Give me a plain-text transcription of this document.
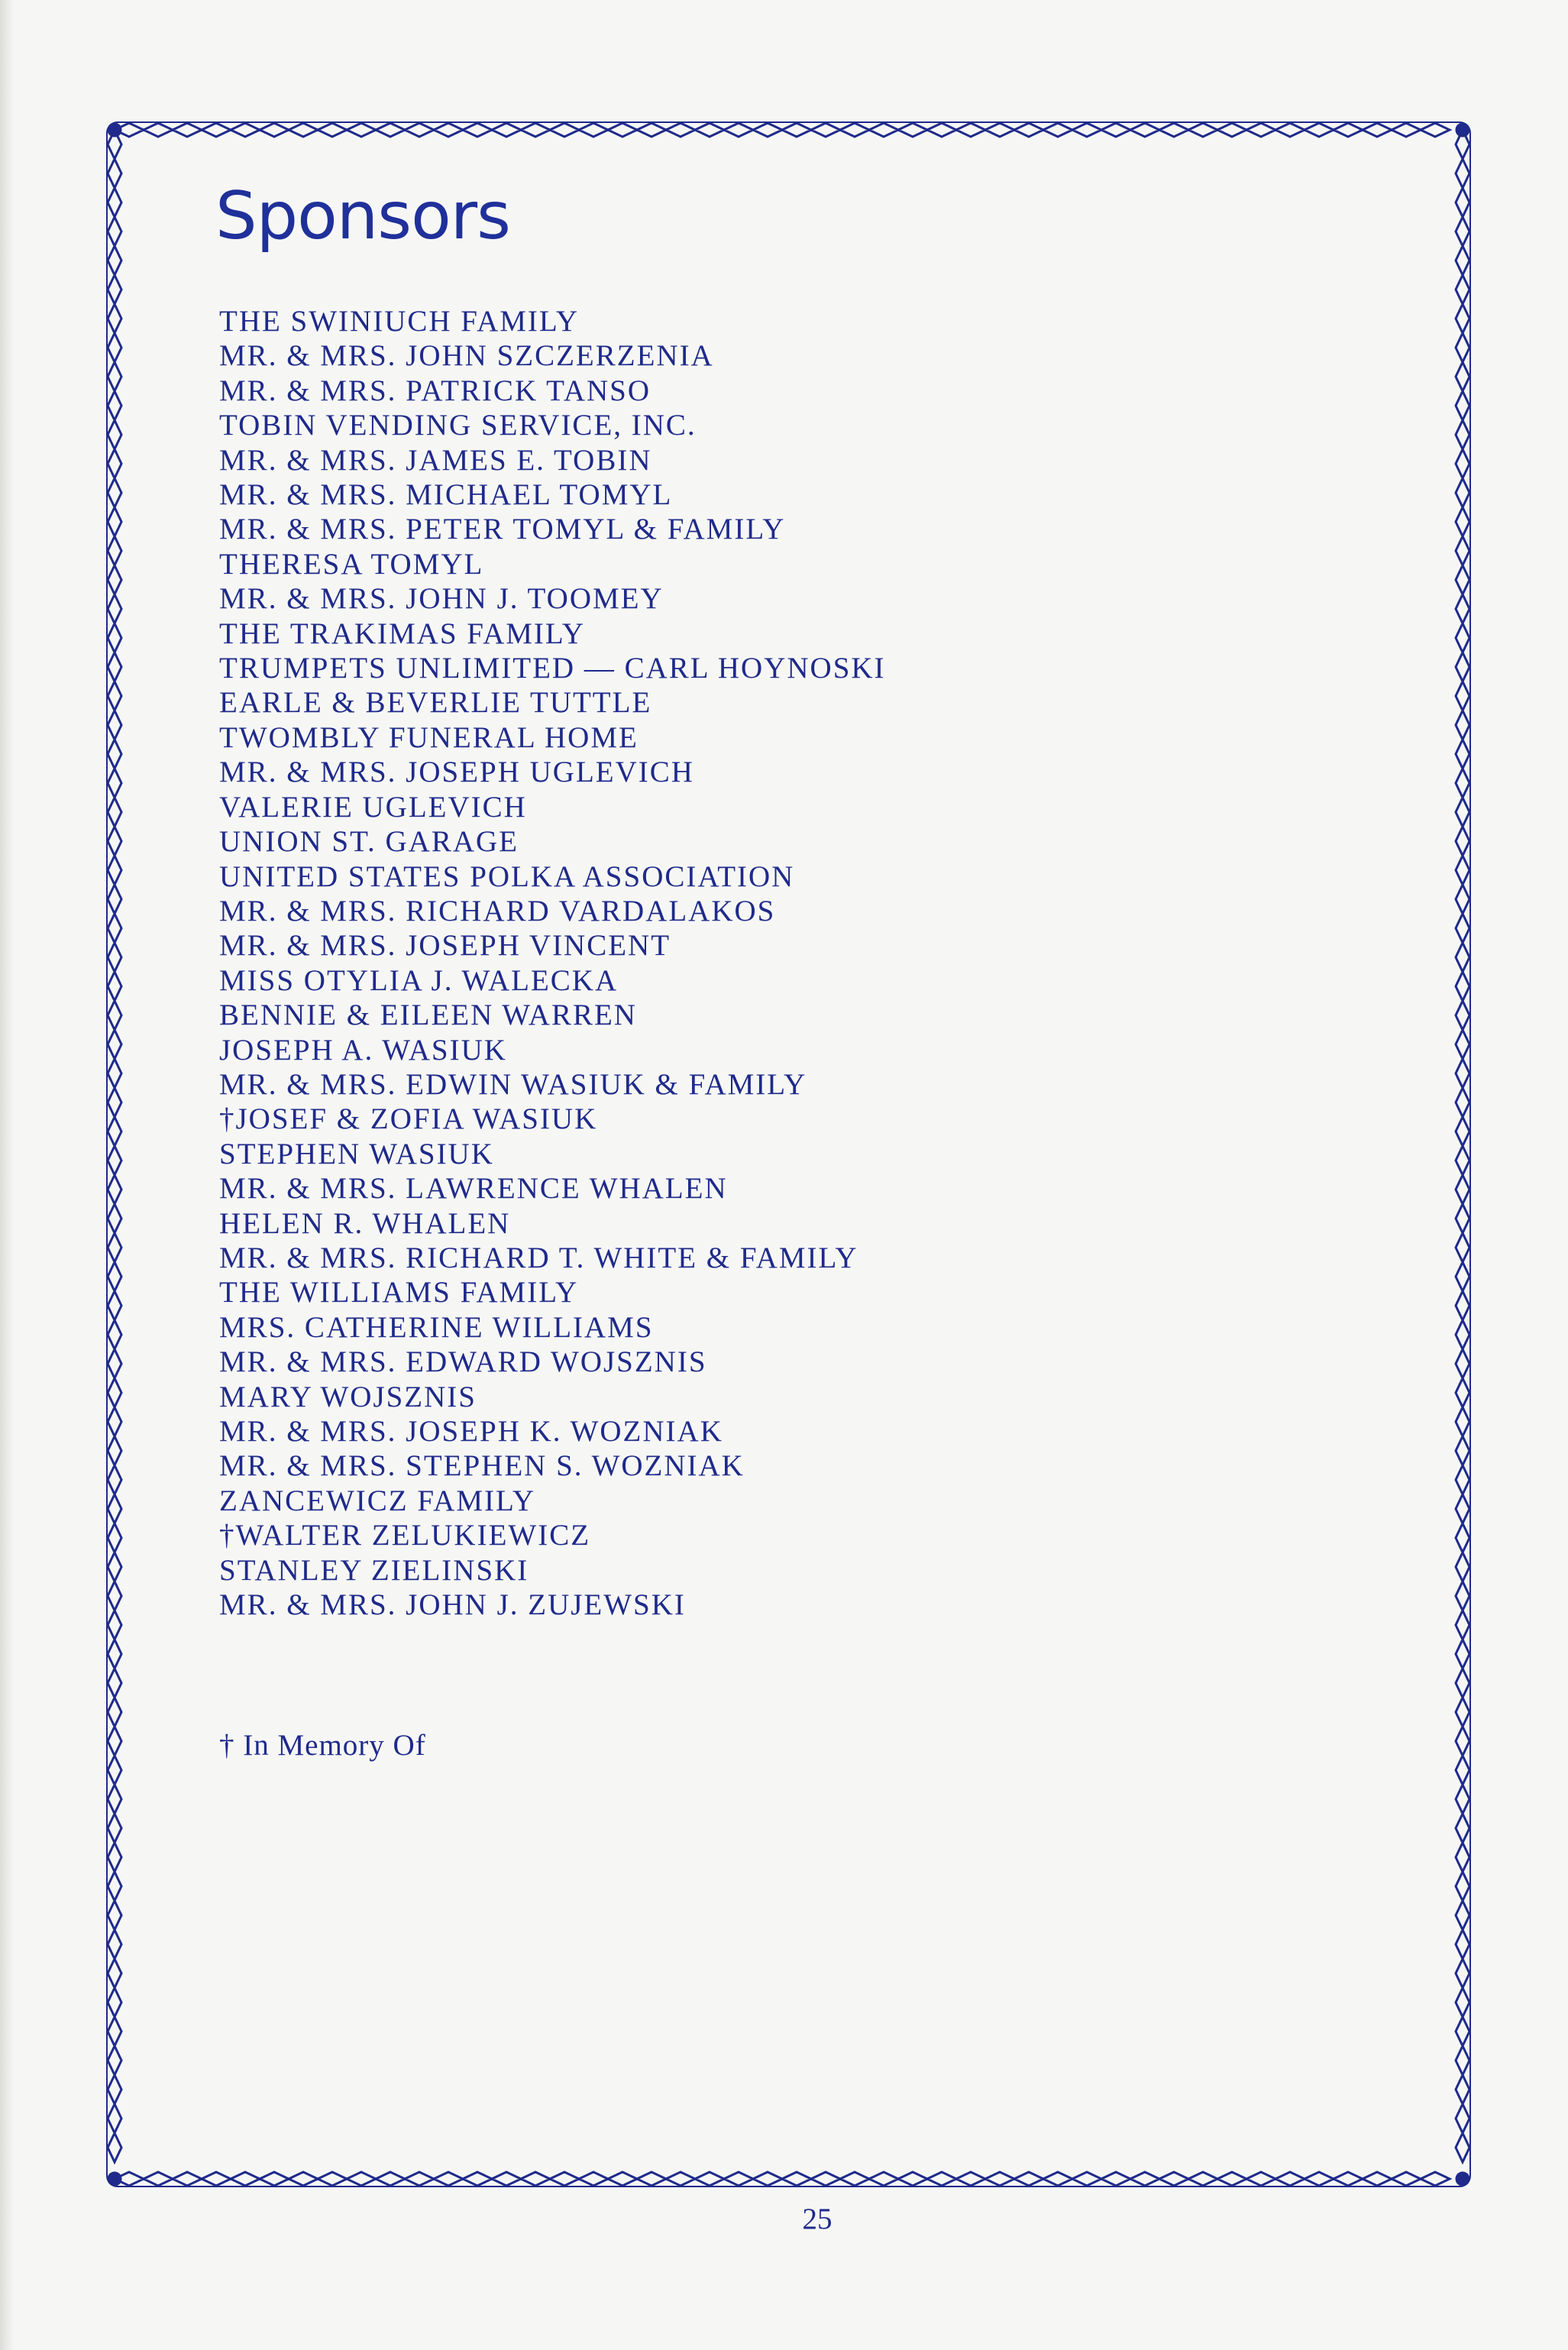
Sponsors
THE SWINIUCH FAMILY
MR. & MRS. JOHN SZCZERZENIA
MR. & MRS. PATRICK TANSO
TOBIN VENDING SERVICE, INC.
MR. & MRS. JAMES E. TOBIN
MR. & MRS. MICHAEL TOMYL
MR. & MRS. PETER TOMYL & FAMILY
THERESA TOMYL
MR. & MRS. JOHN J. TOOMEY
THE TRAKIMAS FAMILY
TRUMPETS UNLIMITED — CARL HOYNOSKI
EARLE & BEVERLIE TUTTLE
TWOMBLY FUNERAL HOME
MR. & MRS. JOSEPH UGLEVICH
VALERIE UGLEVICH
UNION ST. GARAGE
UNITED STATES POLKA ASSOCIATION
MR. & MRS. RICHARD VARDALAKOS
MR. & MRS. JOSEPH VINCENT
MISS OTYLIA J. WALECKA
BENNIE & EILEEN WARREN
JOSEPH A. WASIUK
MR. & MRS. EDWIN WASIUK & FAMILY
†JOSEF & ZOFIA WASIUK
STEPHEN WASIUK
MR. & MRS. LAWRENCE WHALEN
HELEN R. WHALEN
MR. & MRS. RICHARD T. WHITE & FAMILY
THE WILLIAMS FAMILY
MRS. CATHERINE WILLIAMS
MR. & MRS. EDWARD WOJSZNIS
MARY WOJSZNIS
MR. & MRS. JOSEPH K. WOZNIAK
MR. & MRS. STEPHEN S. WOZNIAK
ZANCEWICZ FAMILY
†WALTER ZELUKIEWICZ
STANLEY ZIELINSKI
MR. & MRS. JOHN J. ZUJEWSKI
† In Memory Of
25
